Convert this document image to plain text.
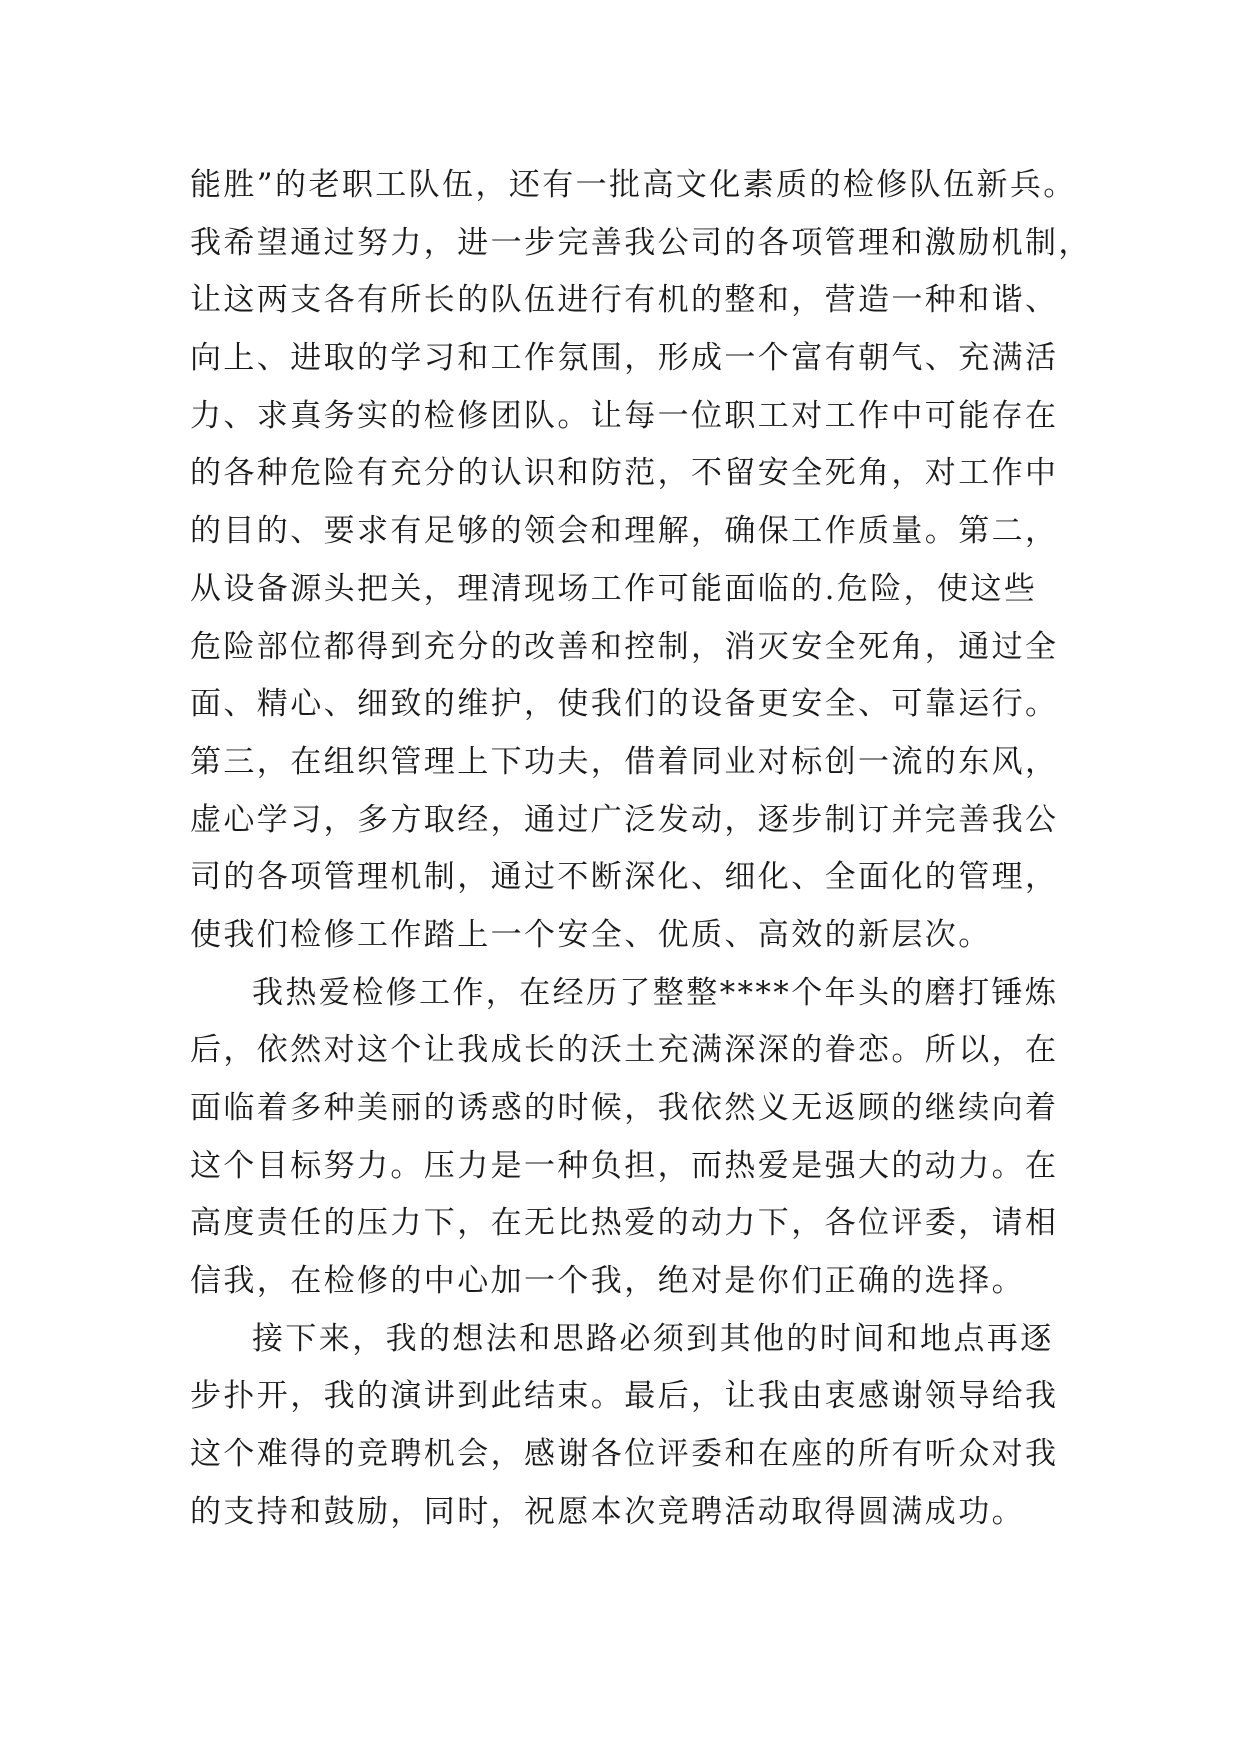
能胜”的老职工队伍，还有一批高文化素质的检修队伍新兵。
我希望通过努力，进一步完善我公司的各项管理和激励机制，
让这两支各有所长的队伍进行有机的整和，营造一种和谐、
向上、进取的学习和工作氛围，形成一个富有朝气、充满活
力、求真务实的检修团队。让每一位职工对工作中可能存在
的各种危险有充分的认识和防范，不留安全死角，对工作中
的目的、要求有足够的领会和理解，确保工作质量。第二，
从设备源头把关，理清现场工作可能面临的.危险，使这些
危险部位都得到充分的改善和控制，消灭安全死角，通过全
面、精心、细致的维护，使我们的设备更安全、可靠运行。
第三，在组织管理上下功夫，借着同业对标创一流的东风，
虚心学习，多方取经，通过广泛发动，逐步制订并完善我公
司的各项管理机制，通过不断深化、细化、全面化的管理，
使我们检修工作踏上一个安全、优质、高效的新层次。
我热爱检修工作，在经历了整整****个年头的磨打锤炼
后，依然对这个让我成长的沃土充满深深的眷恋。所以，在
面临着多种美丽的诱惑的时候，我依然义无返顾的继续向着
这个目标努力。压力是一种负担，而热爱是强大的动力。在
高度责任的压力下，在无比热爱的动力下，各位评委，请相
信我，在检修的中心加一个我，绝对是你们正确的选择。
接下来，我的想法和思路必须到其他的时间和地点再逐
步扑开，我的演讲到此结束。最后，让我由衷感谢领导给我
这个难得的竞聘机会，感谢各位评委和在座的所有听众对我
的支持和鼓励，同时，祝愿本次竞聘活动取得圆满成功。
